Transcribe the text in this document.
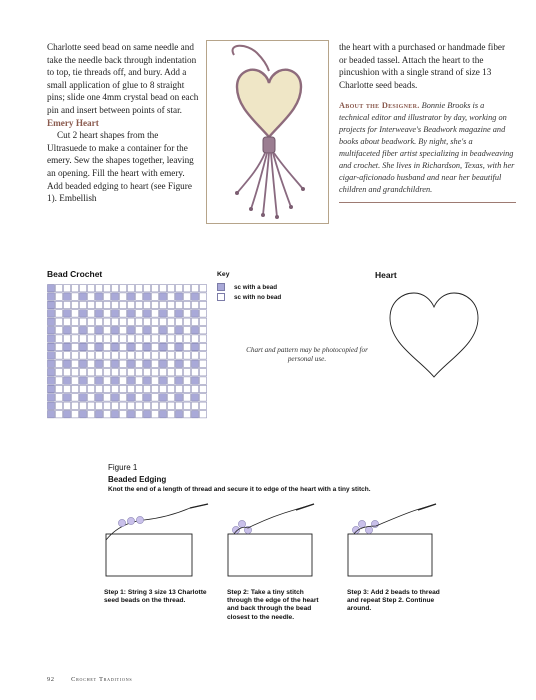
Charlotte seed bead on same needle and take the needle back through indentation to top, tie threads off, and bury. Add a small application of glue to 8 straight pins; slide one 4mm crystal bead on each pin and insert between points of star.

Emery Heart

Cut 2 heart shapes from the Ultrasuede to make a container for the emery. Sew the shapes together, leaving an opening. Fill the heart with emery. Add beaded edging to heart (see Figure 1). Embellish

the heart with a purchased or handmade fiber or beaded tassel. Attach the heart to the pincushion with a single strand of size 13 Charlotte seed beads.

About the Designer. Bonnie Brooks is a technical editor and illustrator by day, working on projects for Interweave's Beadwork magazine and books about beadwork. By night, she's a multifaceted fiber artist specializing in beadweaving and crochet. She lives in Richardson, Texas, with her cigar-aficionado husband and near her beautiful children and grandchildren.

Bead Crochet	Key
sc with a bead
sc with no bead
Chart and pattern may be photocopied for personal use.
Heart
Figure 1
Beaded Edging
Knot the end of a length of thread and secure it to edge of the heart with a tiny stitch.
Step 1: String 3 size 13 Charlotte seed beads on the thread.
Step 2: Take a tiny stitch through the edge of the heart and back through the bead closest to the needle.
Step 3: Add 2 beads to thread and repeat Step 2. Continue around.
92	Crochet Traditions
